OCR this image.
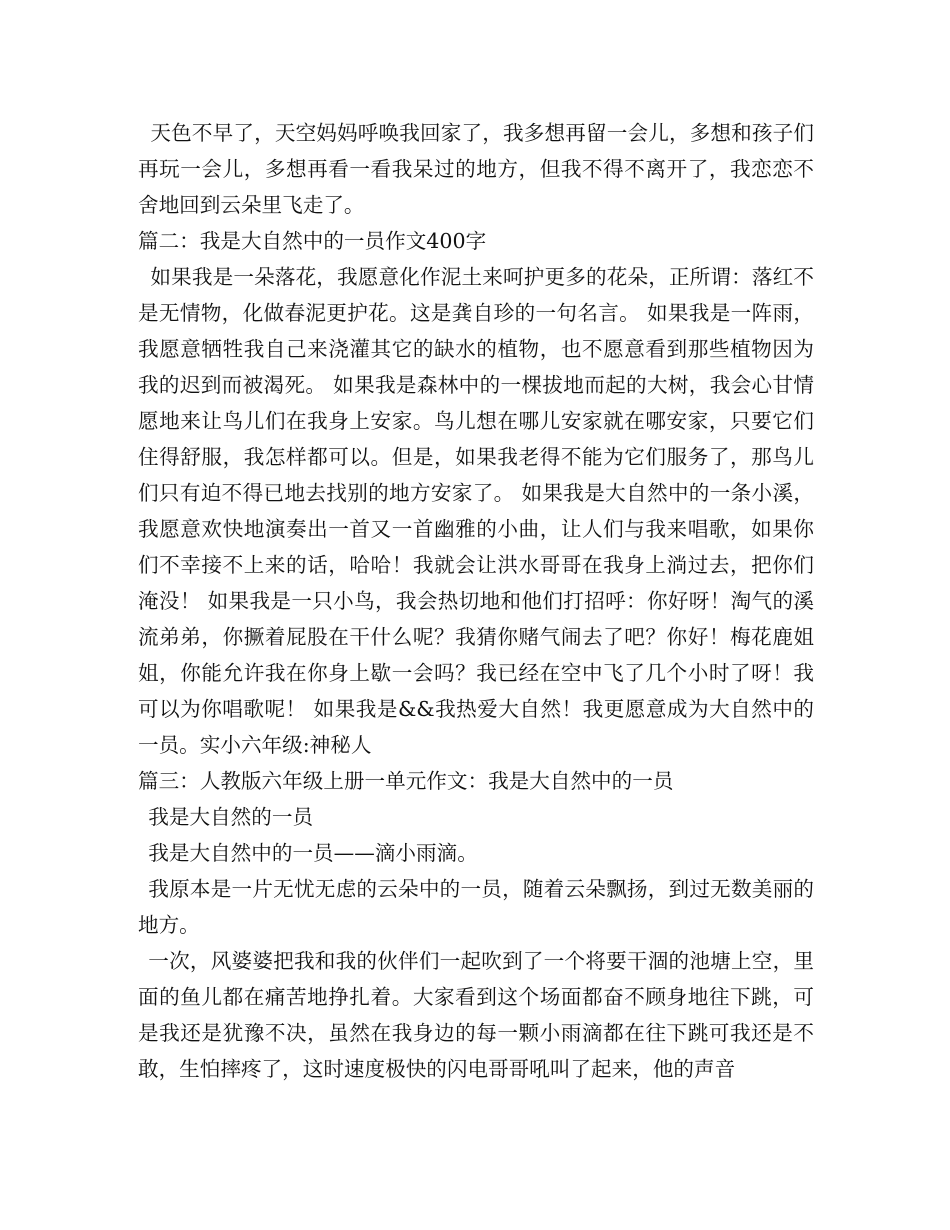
天色不早了，天空妈妈呼唤我回家了，我多想再留一会儿，多想和孩子们再玩一会儿，多想再看一看我呆过的地方，但我不得不离开了，我恋恋不舍地回到云朵里飞走了。

篇二：我是大自然中的一员作文400字

如果我是一朵落花，我愿意化作泥土来呵护更多的花朵，正所谓：落红不是无情物，化做春泥更护花。这是龚自珍的一句名言。 如果我是一阵雨，我愿意牺牲我自己来浇灌其它的缺水的植物，也不愿意看到那些植物因为我的迟到而被渴死。 如果我是森林中的一棵拔地而起的大树，我会心甘情愿地来让鸟儿们在我身上安家。鸟儿想在哪儿安家就在哪安家，只要它们住得舒服，我怎样都可以。但是，如果我老得不能为它们服务了，那鸟儿们只有迫不得已地去找别的地方安家了。 如果我是大自然中的一条小溪，我愿意欢快地演奏出一首又一首幽雅的小曲，让人们与我来唱歌，如果你们不幸接不上来的话，哈哈！我就会让洪水哥哥在我身上淌过去，把你们淹没！ 如果我是一只小鸟，我会热切地和他们打招呼：你好呀！淘气的溪流弟弟，你撅着屁股在干什么呢？我猜你赌气闹去了吧？你好！梅花鹿姐姐，你能允许我在你身上歇一会吗？我已经在空中飞了几个小时了呀！我可以为你唱歌呢！ 如果我是&&我热爱大自然！我更愿意成为大自然中的一员。实小六年级:神秘人

篇三：人教版六年级上册一单元作文：我是大自然中的一员

我是大自然的一员

我是大自然中的一员——滴小雨滴。

我原本是一片无忧无虑的云朵中的一员，随着云朵飘扬，到过无数美丽的地方。

一次，风婆婆把我和我的伙伴们一起吹到了一个将要干涸的池塘上空，里面的鱼儿都在痛苦地挣扎着。大家看到这个场面都奋不顾身地往下跳，可是我还是犹豫不决，虽然在我身边的每一颗小雨滴都在往下跳可我还是不敢，生怕摔疼了，这时速度极快的闪电哥哥吼叫了起来，他的声音
